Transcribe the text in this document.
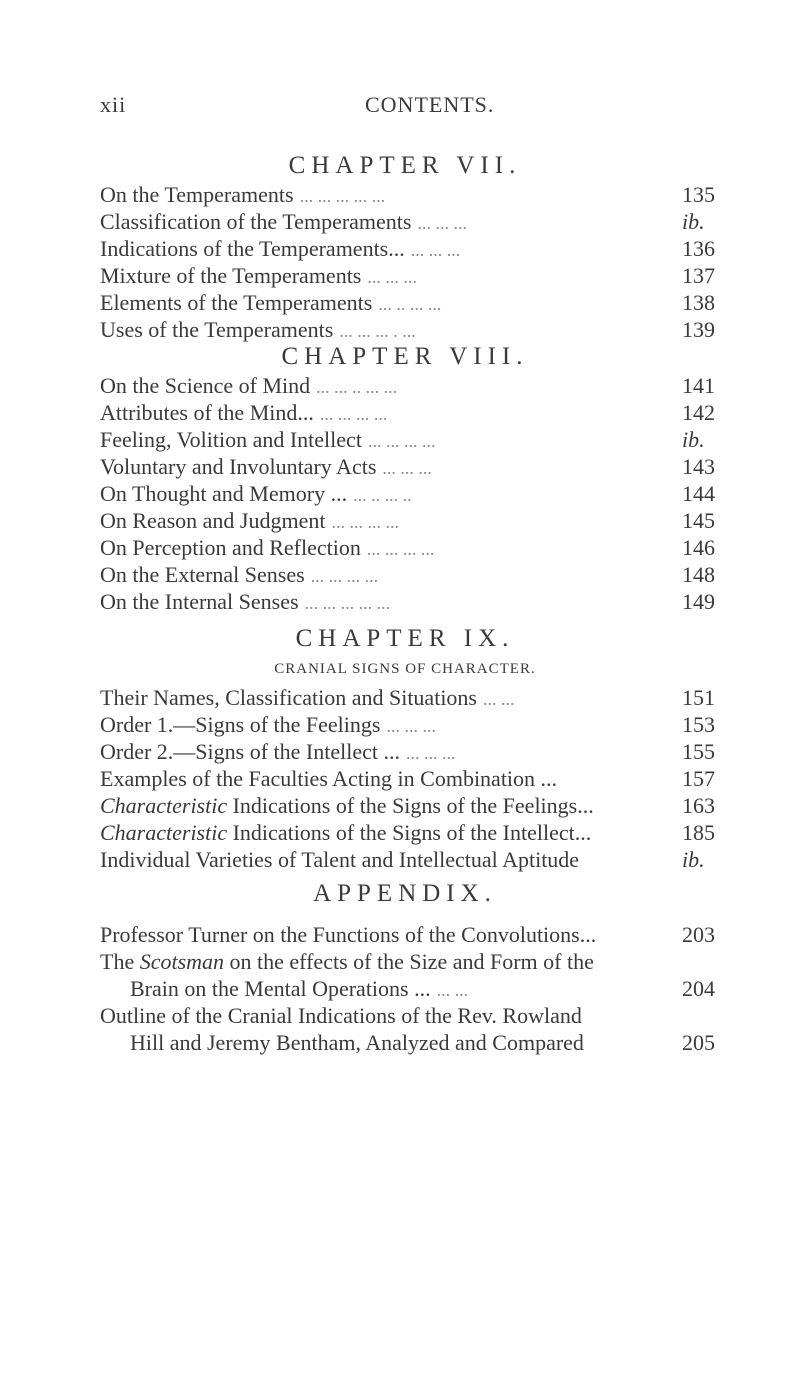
xii	CONTENTS.
CHAPTER VII.
On the Temperaments ... ... ... ... ...	135
Classification of the Temperaments ... ... ...	ib.
Indications of the Temperaments... ... ... ...	136
Mixture of the Temperaments ... ... ...	137
Elements of the Temperaments ... .. ... ...	138
Uses of the Temperaments ... ... ... . ...	139
CHAPTER VIII.
On the Science of Mind ... ... .. ... ...	141
Attributes of the Mind... ... ... ... ...	142
Feeling, Volition and Intellect ... ... ... ...	ib.
Voluntary and Involuntary Acts ... ... ...	143
On Thought and Memory ... ... .. ... ..	144
On Reason and Judgment ... ... ... ...	145
On Perception and Reflection ... ... ... ...	146
On the External Senses ... ... ... ...	148
On the Internal Senses ... ... ... ... ...	149
CHAPTER IX.
CRANIAL SIGNS OF CHARACTER.
Their Names, Classification and Situations ... ...	151
Order 1.—Signs of the Feelings ... ... ...	153
Order 2.—Signs of the Intellect ... ... ... ...	155
Examples of the Faculties Acting in Combination ...	157
Characteristic Indications of the Signs of the Feelings...	163
Characteristic Indications of the Signs of the Intellect...	185
Individual Varieties of Talent and Intellectual Aptitude	ib.
APPENDIX.
Professor Turner on the Functions of the Convolutions...	203
The Scotsman on the effects of the Size and Form of the
Brain on the Mental Operations ... ... ...	204
Outline of the Cranial Indications of the Rev. Rowland
Hill and Jeremy Bentham, Analyzed and Compared	205
